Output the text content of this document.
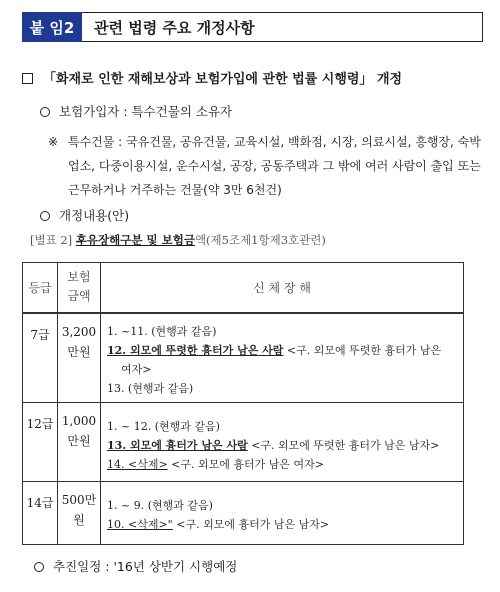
붙 임2	관련 법령 주요 개정사항
「화재로 인한 재해보상과 보험가입에 관한 법률 시행령」 개정
보험가입자 : 특수건물의 소유자
※ 특수건물 : 국유건물, 공유건물, 교육시설, 백화점, 시장, 의료시설, 흥행장, 숙박업소, 다중이용시설, 운수시설, 공장, 공동주택과 그 밖에 여러 사람이 출입 또는 근무하거나 거주하는 건물(약 3만 6천건)
개정내용(안)
[별표 2] 후유장해구분 및 보험금액(제5조제1항제3호관련)
등급	보험금액	신 체 장 해
7급	3,200만원	1. ~11. (현행과 같음)
12. 외모에 뚜렷한 흉터가 남은 사람 <구. 외모에 뚜렷한 흉터가 남은
여자>
13. (현행과 같음)

12급	1,000만원	1. ~ 12. (현행과 같음)
13. 외모에 흉터가 남은 사람 <구. 외모에 뚜렷한 흉터가 남은 남자>
14. <삭제> <구. 외모에 흉터가 남은 여자>

14급	500만원	1. ~ 9. (현행과 같음)
10. <삭제>" <구. 외모에 흉터가 남은 남자>
추진일정 : '16년 상반기 시행예정
